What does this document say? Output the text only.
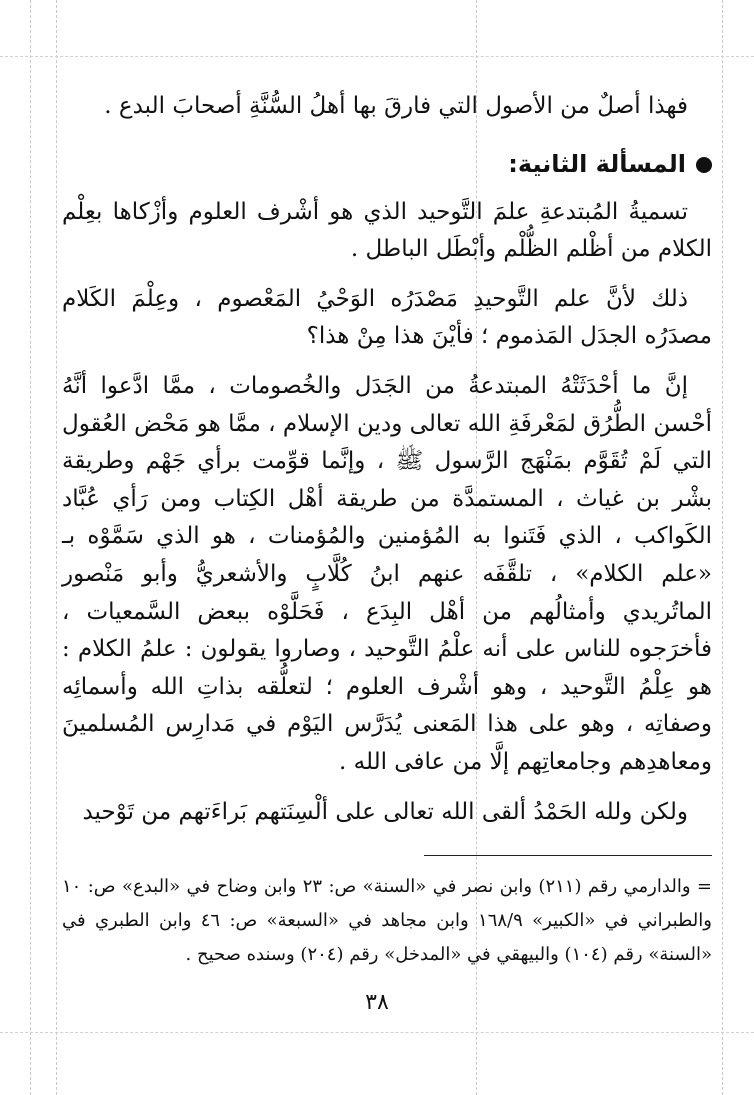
فهذا أصلٌ من الأصول التي فارقَ بها أهلُ السُّنَّةِ أصحابَ البدع .

المسألة الثانية:

تسميةُ المُبتدعةِ علمَ التَّوحيد الذي هو أشْرف العلوم وأزْكاها بعِلْم الكلام من أظْلم الظُّلْم وأبْطَل الباطل .

ذلك لأنَّ علم التَّوحيدِ مَصْدَرُه الوَحْيُ المَعْصوم ، وعِلْمَ الكَلام مصدَرُه الجدَل المَذموم ؛ فأيْنَ هذا مِنْ هذا؟

إنَّ ما أحْدَثَتْهُ المبتدعةُ من الجَدَل والخُصومات ، ممَّا ادَّعوا أنَّهُ أحْسن الطُّرُق لمَعْرفَةِ الله تعالى ودين الإسلام ، ممَّا هو مَحْض العُقول التي لَمْ تُقَوَّم بمَنْهَج الرَّسول ﷺ ، وإنَّما قوِّمت برأي جَهْم وطريقة بشْر بن غياث ، المستمدَّة من طريقة أهْل الكِتاب ومن رَأي عُبَّاد الكَواكب ، الذي فَتَنوا به المُؤمنين والمُؤمنات ، هو الذي سَمَّوْه بـ «علم الكلام» ، تلقَّفَه عنهم ابنُ كُلَّابٍ والأشعريُّ وأبو مَنْصور الماتُريدي وأمثالُهم من أهْل البِدَع ، فَحَلَّوْه ببعض السَّمعيات ، فأخرَجوه للناس على أنه علْمُ التَّوحيد ، وصاروا يقولون : علمُ الكلام : هو عِلْمُ التَّوحيد ، وهو أشْرف العلوم ؛ لتعلُّقه بذاتِ الله وأسمائِه وصفاتِه ، وهو على هذا المَعنى يُدَرَّس اليَوْم في مَدارِس المُسلمينَ ومعاهدِهم وجامعاتِهم إلَّا من عافى الله .

ولكن ولله الحَمْدُ ألقى الله تعالى على ألْسِنَتهم بَراءَتهم من تَوْحيد

= والدارمي رقم (٢١١) وابن نصر في «السنة» ص: ٢٣ وابن وضاح في «البدع» ص: ١٠ والطبراني في «الكبير» ١٦٨/٩ وابن مجاهد في «السبعة» ص: ٤٦ وابن الطبري في «السنة» رقم (١٠٤) والبيهقي في «المدخل» رقم (٢٠٤) وسنده صحيح .
٣٨
